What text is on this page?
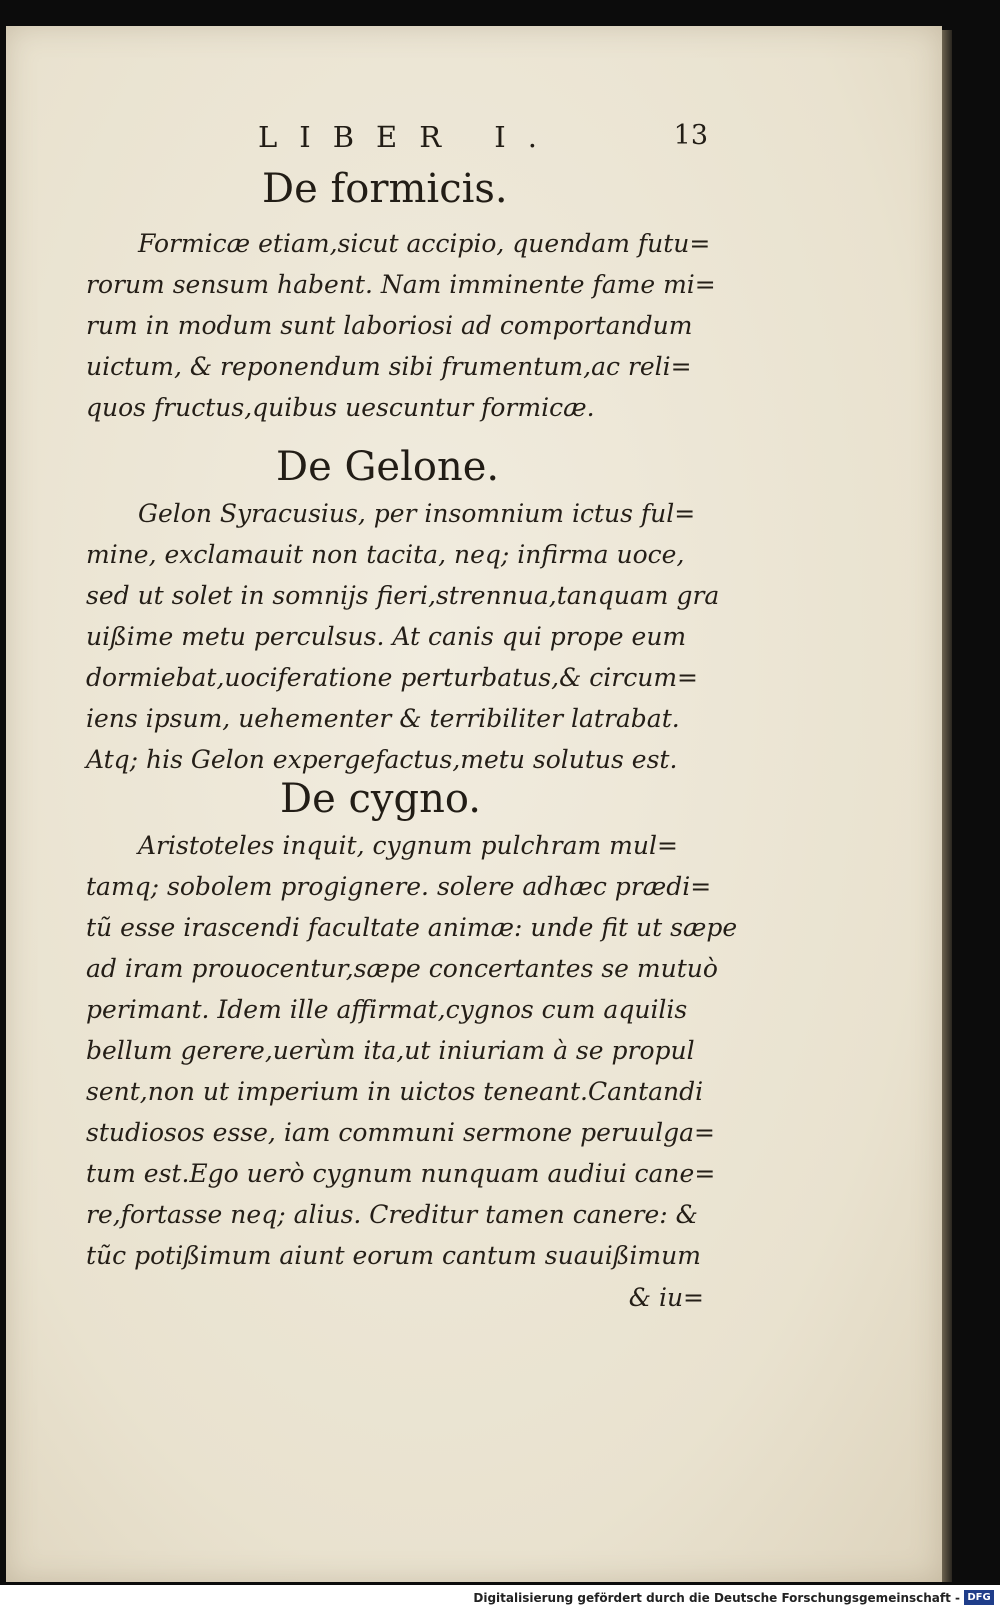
LIBER I.	13
De formicis.

Formicæ etiam,sicut accipio, quendam futu=
rorum sensum habent. Nam imminente fame mi=
rum in modum sunt laboriosi ad comportandum
uictum, & reponendum sibi frumentum,ac reli=
quos fructus,quibus uescuntur formicæ.

De Gelone.

Gelon Syracusius, per insomnium ictus ful=
mine, exclamauit non tacita, neq; infirma uoce,
sed ut solet in somnijs fieri,strennua,tanquam gra
uißime metu perculsus. At canis qui prope eum
dormiebat,uociferatione perturbatus,& circum=
iens ipsum, uehementer & terribiliter latrabat.
Atq; his Gelon expergefactus,metu solutus est.

De cygno.

Aristoteles inquit, cygnum pulchram mul=
tamq; sobolem progignere. solere adhæc prædi=
tũ esse irascendi facultate animæ: unde fit ut sæpe
ad iram prouocentur,sæpe concertantes se mutuò
perimant. Idem ille affirmat,cygnos cum aquilis
bellum gerere,uerùm ita,ut iniuriam à se propul
sent,non ut imperium in uictos teneant.Cantandi
studiosos esse, iam communi sermone peruulga=
tum est.Ego uerò cygnum nunquam audiui cane=
re,fortasse neq; alius. Creditur tamen canere: &
tũc potißimum aiunt eorum cantum suauißimum

& iu=
Digitalisierung gefördert durch die Deutsche Forschungsgemeinschaft - DFG
